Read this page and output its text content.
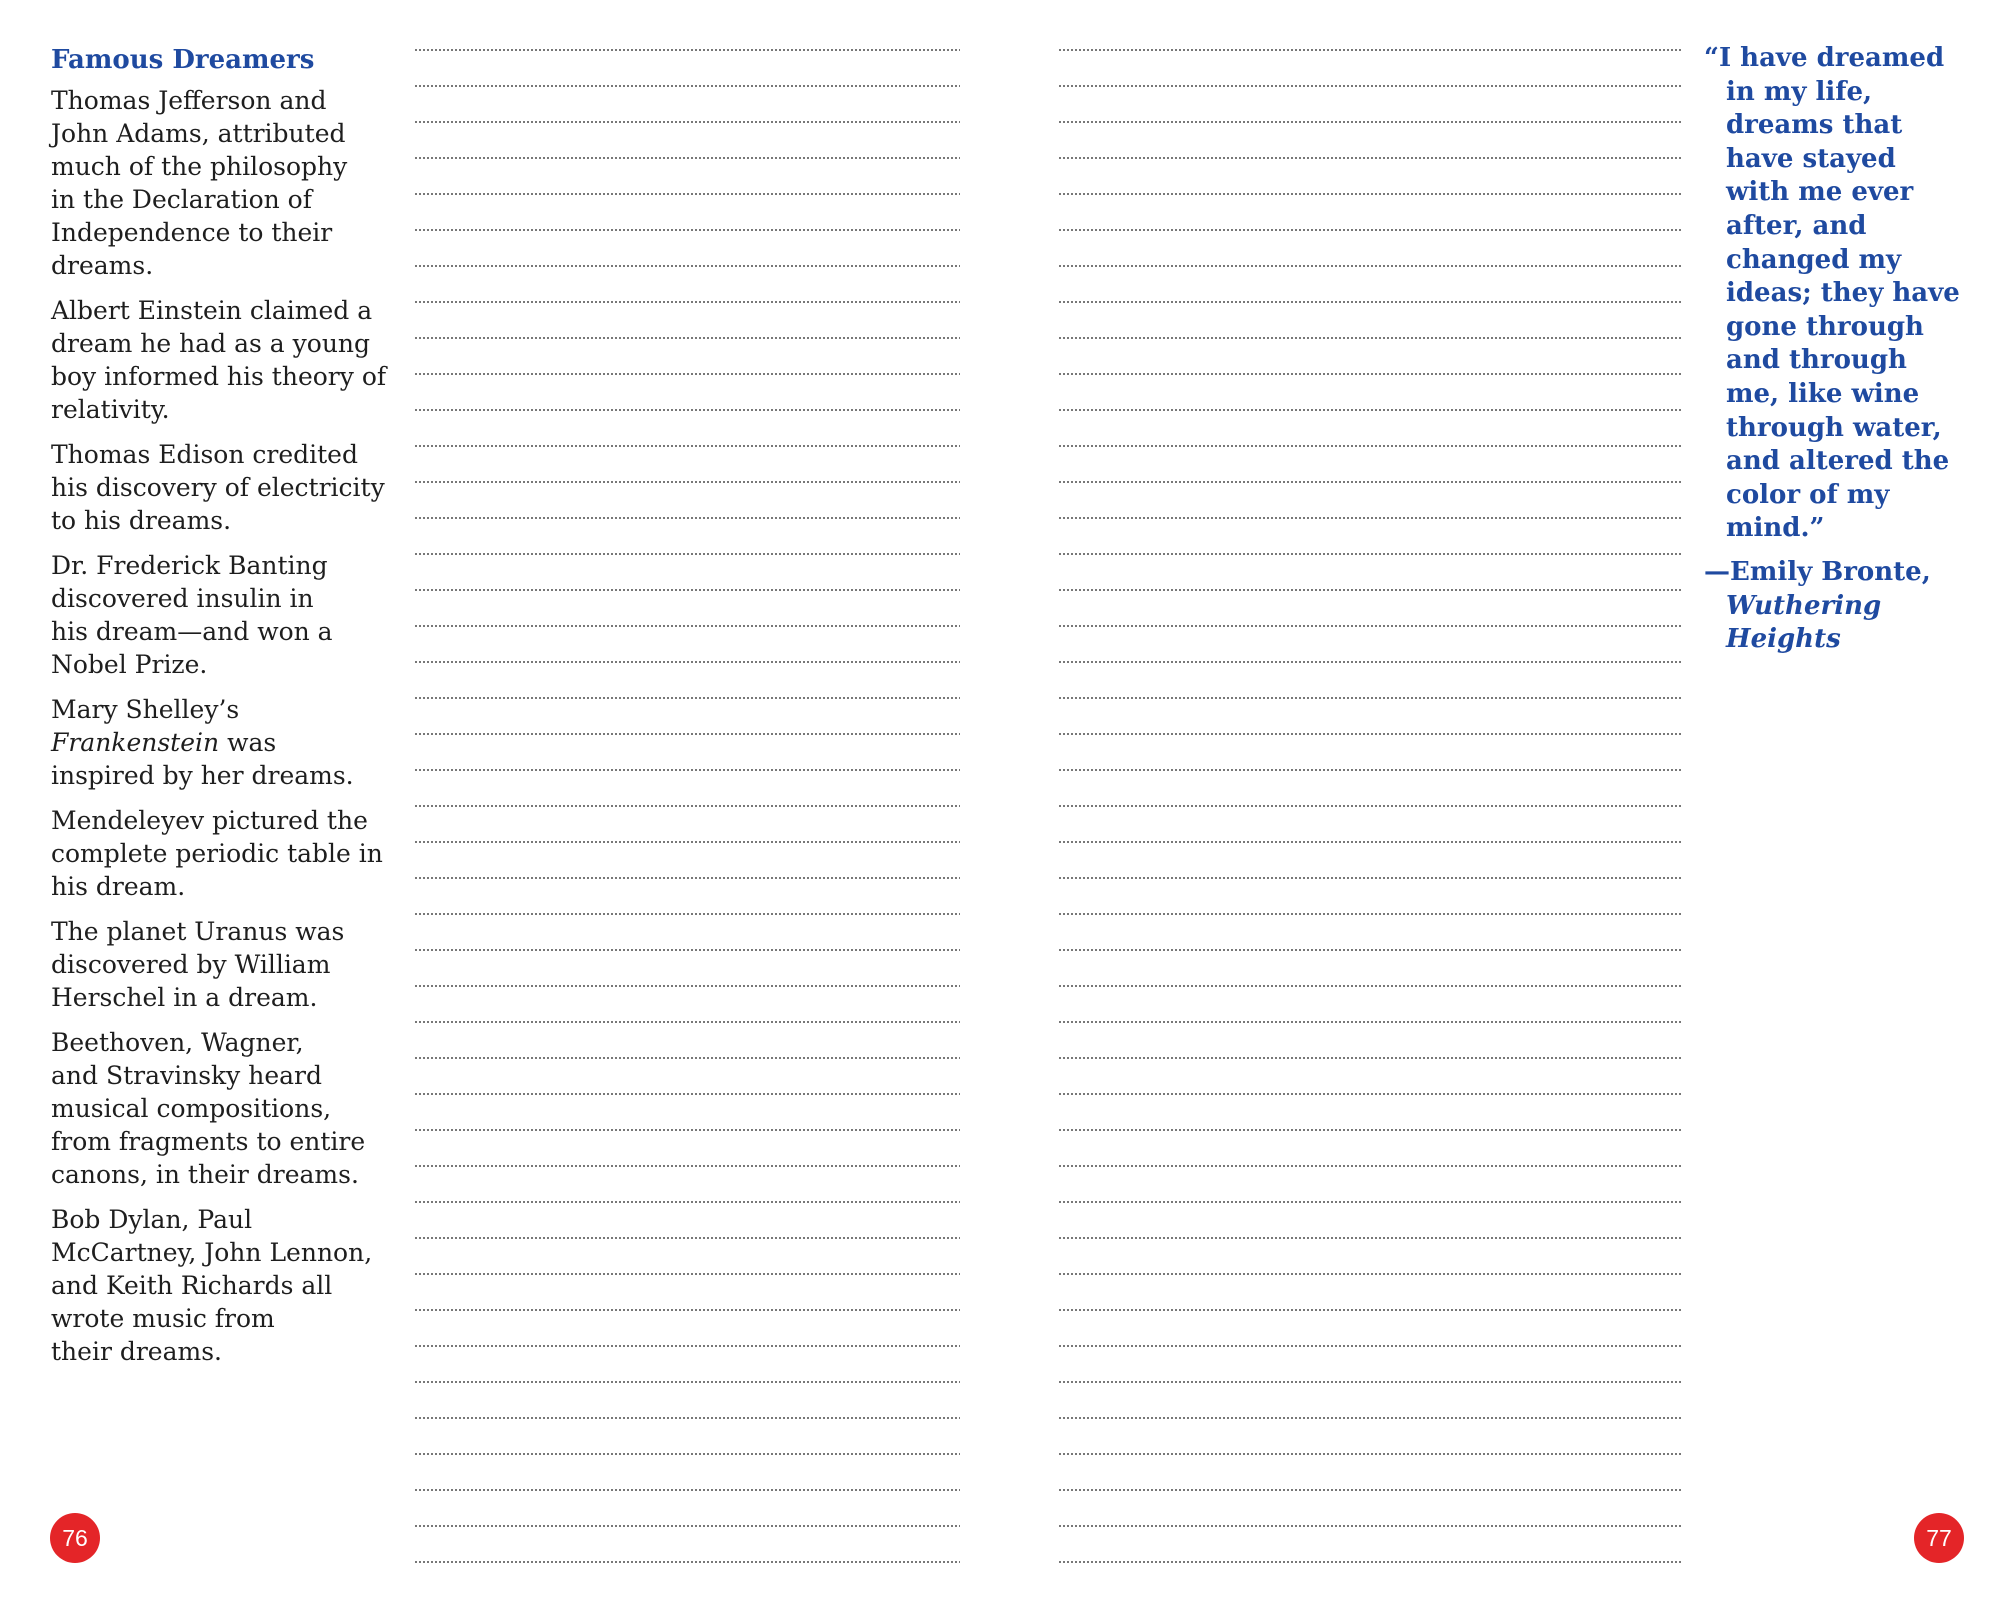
Famous Dreamers

Thomas Jefferson and
John Adams, attributed
much of the philosophy
in the Declaration of
Independence to their
dreams.

Albert Einstein claimed a
dream he had as a young
boy informed his theory of
relativity.

Thomas Edison credited
his discovery of electricity
to his dreams.

Dr. Frederick Banting
discovered insulin in
his dream—and won a
Nobel Prize.

Mary Shelley’s
Frankenstein was
inspired by her dreams.

Mendeleyev pictured the
complete periodic table in
his dream.

The planet Uranus was
discovered by William
Herschel in a dream.

Beethoven, Wagner,
and Stravinsky heard
musical compositions,
from fragments to entire
canons, in their dreams.

Bob Dylan, Paul
McCartney, John Lennon,
and Keith Richards all
wrote music from
their dreams.

76

“I have dreamed
in my life,
dreams that
have stayed
with me ever
after, and
changed my
ideas; they have
gone through
and through
me, like wine
through water,
and altered the
color of my
mind.”

—Emily Bronte,
Wuthering
Heights

77
